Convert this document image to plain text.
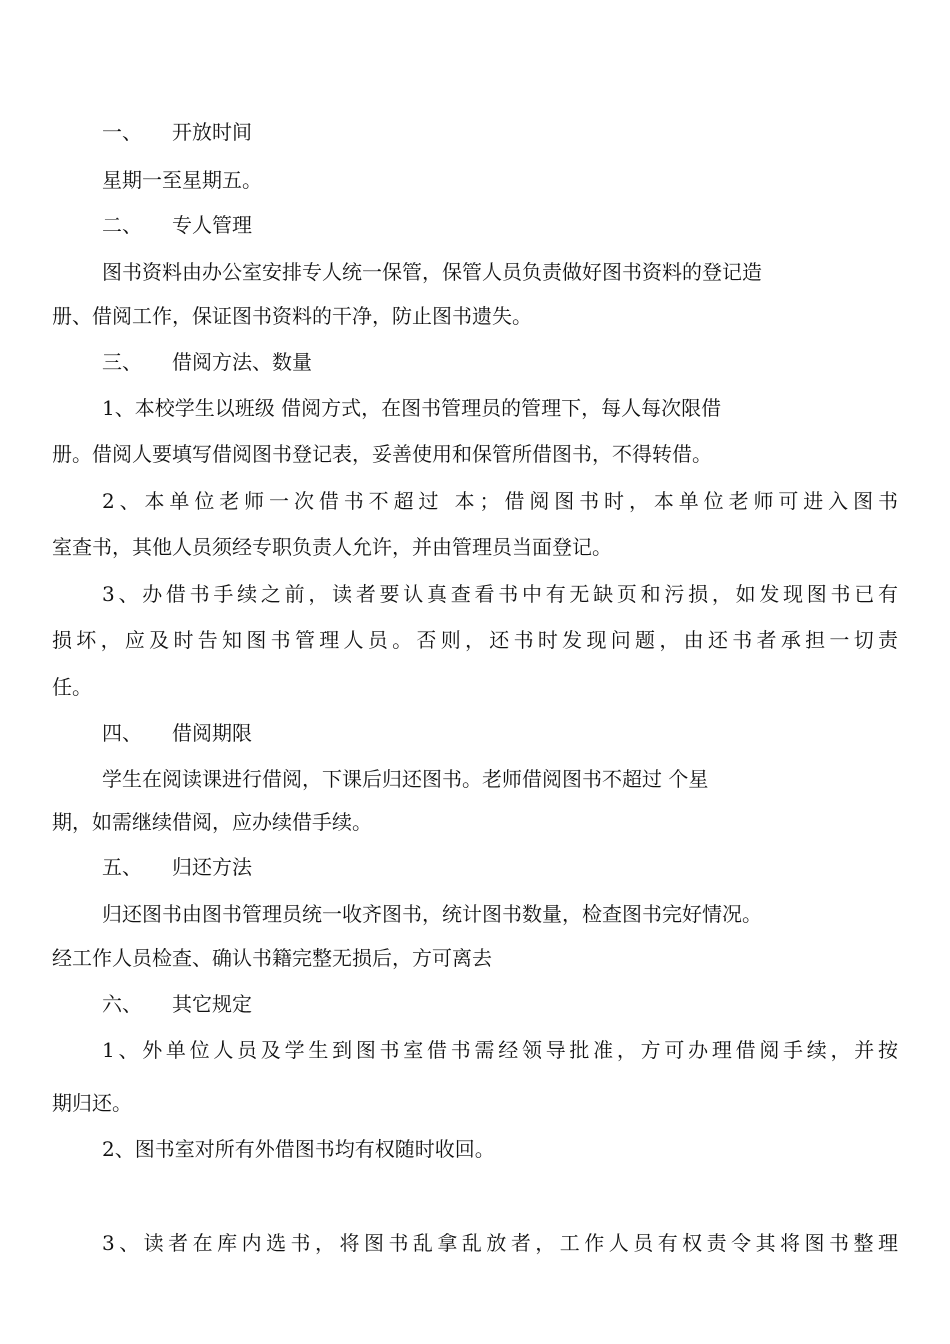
一、 开放时间
星期一至星期五。
二、 专人管理
图书资料由办公室安排专人统一保管，保管人员负责做好图书资料的登记造
册、借阅工作，保证图书资料的干净，防止图书遗失。
三、 借阅方法、数量
1、本校学生以班级 借阅方式，在图书管理员的管理下，每人每次限借
册。借阅人要填写借阅图书登记表，妥善使用和保管所借图书，不得转借。
2、本单位老师一次借书不超过 本；借阅图书时，本单位老师可进入图书
室查书，其他人员须经专职负责人允许，并由管理员当面登记。
3、办借书手续之前，读者要认真查看书中有无缺页和污损，如发现图书已有
损坏，应及时告知图书管理人员。否则，还书时发现问题，由还书者承担一切责
任。
四、 借阅期限
学生在阅读课进行借阅，下课后归还图书。老师借阅图书不超过 个星
期，如需继续借阅，应办续借手续。
五、 归还方法
归还图书由图书管理员统一收齐图书，统计图书数量，检查图书完好情况。
经工作人员检查、确认书籍完整无损后，方可离去
六、 其它规定
1、外单位人员及学生到图书室借书需经领导批准，方可办理借阅手续，并按
期归还。
2、图书室对所有外借图书均有权随时收回。
3、读者在库内选书，将图书乱拿乱放者，工作人员有权责令其将图书整理
